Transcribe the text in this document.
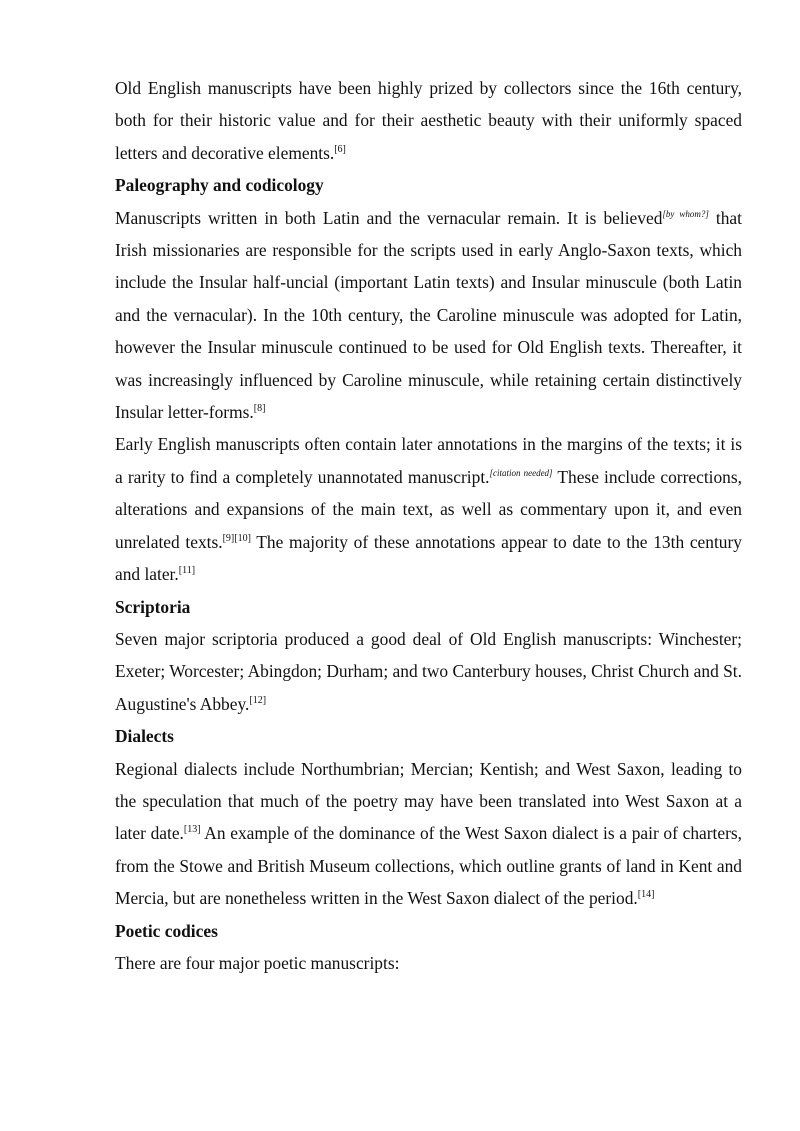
Old English manuscripts have been highly prized by collectors since the 16th century, both for their historic value and for their aesthetic beauty with their uniformly spaced letters and decorative elements.[6]

Paleography and codicology

Manuscripts written in both Latin and the vernacular remain. It is believed[by whom?] that Irish missionaries are responsible for the scripts used in early Anglo-Saxon texts, which include the Insular half-uncial (important Latin texts) and Insular minuscule (both Latin and the vernacular). In the 10th century, the Caroline minuscule was adopted for Latin, however the Insular minuscule continued to be used for Old English texts. Thereafter, it was increasingly influenced by Caroline minuscule, while retaining certain distinctively Insular letter-forms.[8]

Early English manuscripts often contain later annotations in the margins of the texts; it is a rarity to find a completely unannotated manuscript.[citation needed] These include corrections, alterations and expansions of the main text, as well as commentary upon it, and even unrelated texts.[9][10] The majority of these annotations appear to date to the 13th century and later.[11]

Scriptoria

Seven major scriptoria produced a good deal of Old English manuscripts: Winchester; Exeter; Worcester; Abingdon; Durham; and two Canterbury houses, Christ Church and St. Augustine's Abbey.[12]

Dialects

Regional dialects include Northumbrian; Mercian; Kentish; and West Saxon, leading to the speculation that much of the poetry may have been translated into West Saxon at a later date.[13] An example of the dominance of the West Saxon dialect is a pair of charters, from the Stowe and British Museum collections, which outline grants of land in Kent and Mercia, but are nonetheless written in the West Saxon dialect of the period.[14]

Poetic codices

There are four major poetic manuscripts:
